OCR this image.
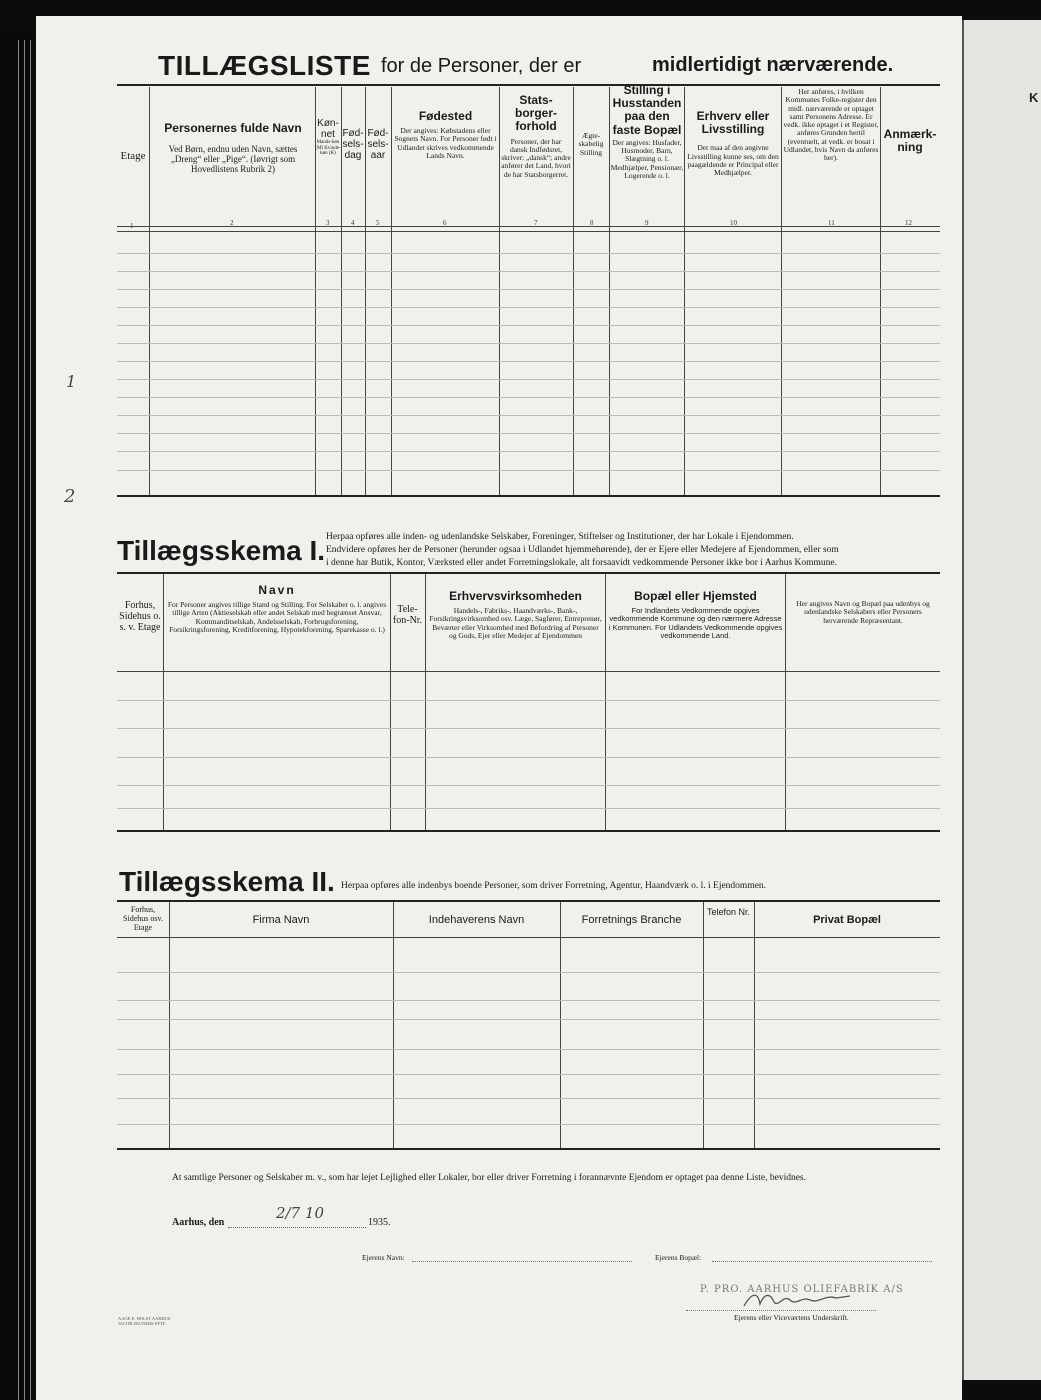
K
1
2
TILLÆGSLISTE for de Personer, der er	midlertidigt nærværende.
Etage
Personernes fulde Navn
Ved Børn, endnu uden Navn, sættes „Dreng“ eller „Pige“. (Iøvrigt som Hovedlistens Rubrik 2)
Køn-net
Mands-køn (M) Kvinde-køn (K)
Fød-sels-dag
Fød-sels-aar
Fødested
Der angives: Købstadens eller Sognets Navn. For Personer født i Udlandet skrives vedkommende Lands Navn.
Stats-borger-forhold
Personer, der har dansk Indfødsret, skriver: „dansk“; andre anfører det Land, hvori de har Statsborgerret.
Ægte-skabelig Stilling
Stilling i Husstanden paa den faste Bopæl
Der angives: Husfader, Husmoder, Barn, Slægtning o. l. Medhjælper, Pensionær, Logerende o. l.
Erhverv eller Livsstilling
Det maa af den angivne Livsstilling kunne ses, om den paagældende er Principal eller Medhjælper.
Her anføres, i hvilken Kommunes Folke-register den midl. nærværende er optaget samt Personens Adresse. Er vedk. ikke optaget i et Register, anføres Grunden hertil (eventuelt, at vedk. er bosat i Udlandet, hvis Navn da anføres her).
Anmærk-ning
1	2	3	4	5	6	7	8	9	10	11	12
Tillægsskema I. Herpaa opføres alle inden- og udenlandske Selskaber, Foreninger, Stiftelser og Institutioner, der har Lokale i Ejendommen.
Endvidere opføres her de Personer (herunder ogsaa i Udlandet hjemmehørende), der er Ejere eller Medejere af Ejendommen, eller som
i denne har Butik, Kontor, Værksted eller andet Forretningslokale, alt forsaavidt vedkommende Personer ikke bor i Aarhus Kommune.
Forhus, Sidehus o. s. v. Etage
Navn
For Personer angives tillige Stand og Stilling. For Selskaber o. l. angives tillige Arten (Aktieselskab eller andet Selskab med begrænset Ansvar, Kommanditselskab, Andelsselskab, Forbrugsforening, Forsikringsforening, Kreditforening, Hypotekforening, Sparekasse o. l.)
Tele-fon-Nr.
Erhvervsvirksomheden
Handels-, Fabriks-, Haandværks-, Bank-, Forsikringsvirksomhed osv. Læge, Sagfører, Entreprenør, Beværter eller Virksomhed med Befordring af Personer og Gods, Ejer eller Medejer af Ejendommen
Bopæl eller Hjemsted
For Indlandets Vedkommende opgives vedkommende Kommune og den nærmere Adresse i Kommunen. For Udlandets Vedkommende opgives vedkommende Land.
Her angives Navn og Bopæl paa udenbys og udenlandske Selskabers eller Personers herværende Repræsentant.
Tillægsskema II. Herpaa opføres alle indenbys boende Personer, som driver Forretning, Agentur, Haandværk o. l. i Ejendommen.
Forhus, Sidehus osv. Etage
Firma Navn	Indehaverens Navn	Forretnings Branche
Telefon Nr.
Privat Bopæl
At samtlige Personer og Selskaber m. v., som har lejet Lejlighed eller Lokaler, bor eller driver Forretning i forannævnte Ejendom er optaget paa denne Liste, bevidnes.
Aarhus, den
2/7 10
1935.
Ejerens Navn:	Ejerens Bopæl:
P. PRO. AARHUS OLIEFABRIK A/S
Ejerens eller Viceværtens Underskrift.
AAGE E. HOLST AARHUS JACOB ZEUNERS EFTF.
